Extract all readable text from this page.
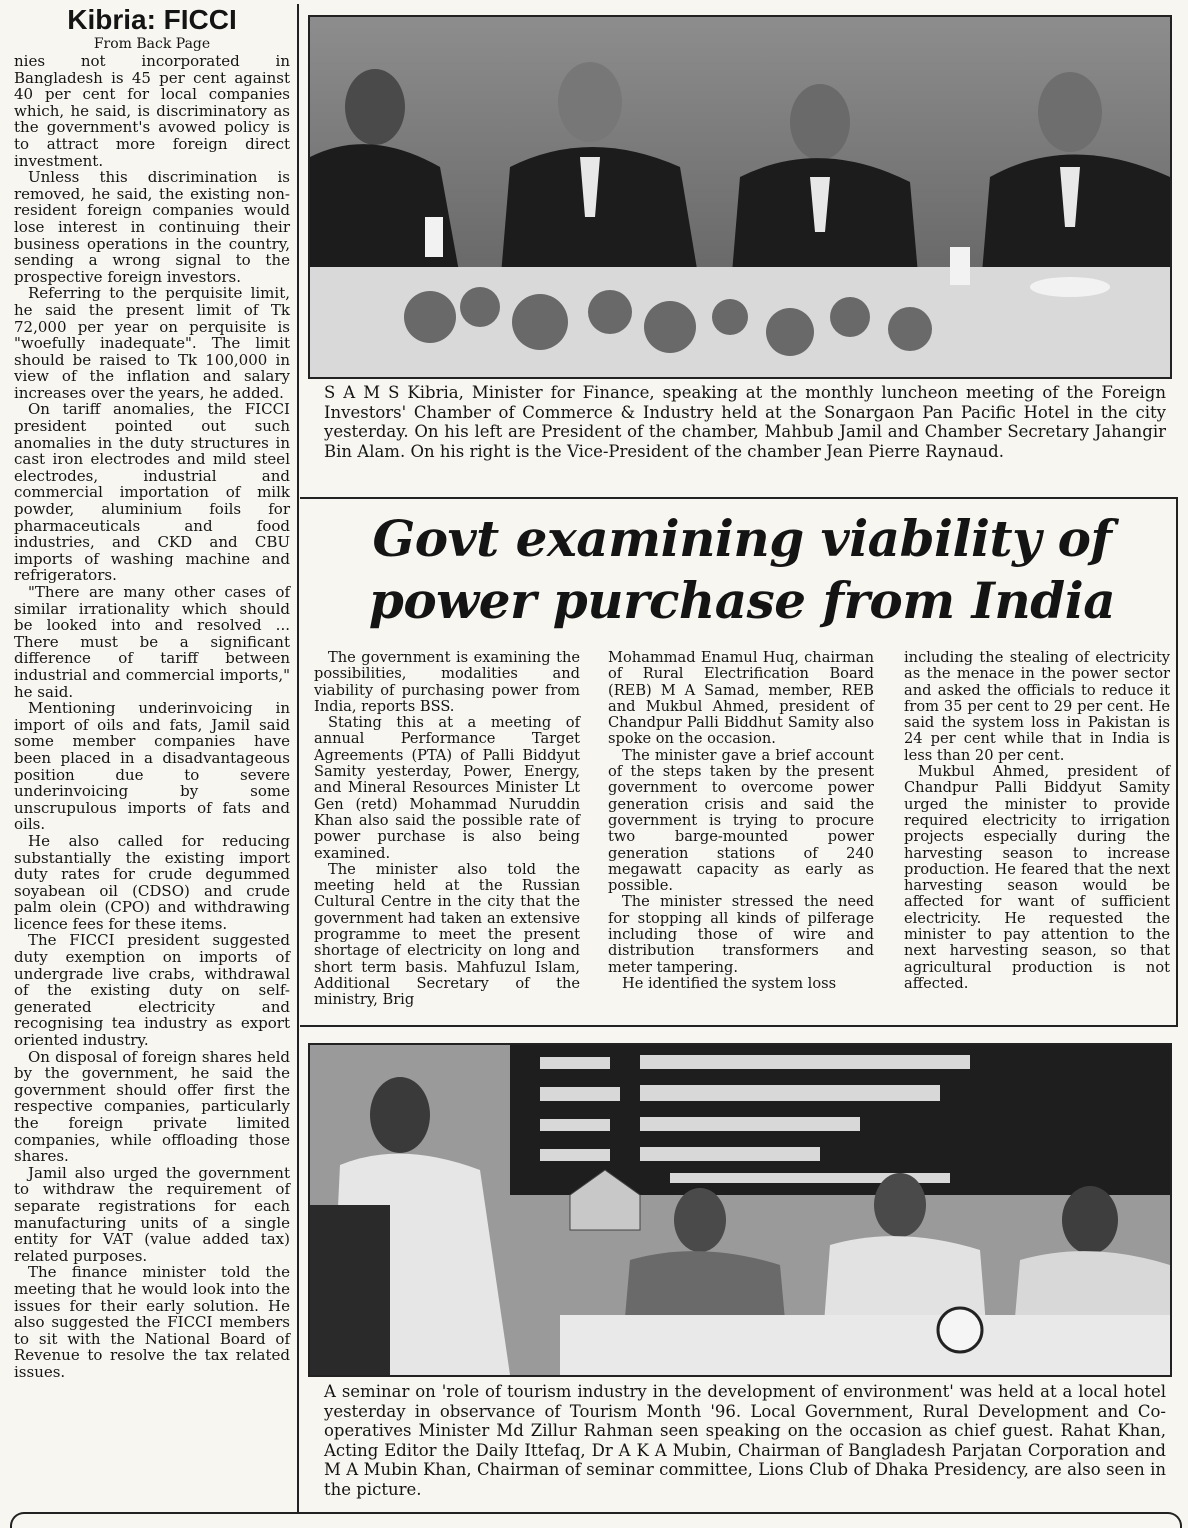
Kibria: FICCI
From Back Page

nies not incorporated in Bangladesh is 45 per cent against 40 per cent for local companies which, he said, is discriminatory as the government's avowed policy is to attract more foreign direct investment.

Unless this discrimination is removed, he said, the existing non-resident foreign companies would lose interest in continuing their business operations in the country, sending a wrong signal to the prospective foreign investors.

Referring to the perquisite limit, he said the present limit of Tk 72,000 per year on perquisite is "woefully inadequate". The limit should be raised to Tk 100,000 in view of the inflation and salary increases over the years, he added.

On tariff anomalies, the FICCI president pointed out such anomalies in the duty structures in cast iron electrodes and mild steel electrodes, industrial and commercial importation of milk powder, aluminium foils for pharmaceuticals and food industries, and CKD and CBU imports of washing machine and refrigerators.

"There are many other cases of similar irrationality which should be looked into and resolved ... There must be a significant difference of tariff between industrial and commercial imports," he said.

Mentioning underinvoicing in import of oils and fats, Jamil said some member companies have been placed in a disadvantageous position due to severe underinvoicing by some unscrupulous imports of fats and oils.

He also called for reducing substantially the existing import duty rates for crude degummed soyabean oil (CDSO) and crude palm olein (CPO) and withdrawing licence fees for these items.

The FICCI president suggested duty exemption on imports of undergrade live crabs, withdrawal of the existing duty on self-generated electricity and recognising tea industry as export oriented industry.

On disposal of foreign shares held by the government, he said the government should offer first the respective companies, particularly the foreign private limited companies, while offloading those shares.

Jamil also urged the government to withdraw the requirement of separate registrations for each manufacturing units of a single entity for VAT (value added tax) related purposes.

The finance minister told the meeting that he would look into the issues for their early solution. He also suggested the FICCI members to sit with the National Board of Revenue to resolve the tax related issues.

S A M S Kibria, Minister for Finance, speaking at the monthly luncheon meeting of the Foreign Investors' Chamber of Commerce & Industry held at the Sonargaon Pan Pacific Hotel in the city yesterday. On his left are President of the chamber, Mahbub Jamil and Chamber Secretary Jahangir Bin Alam. On his right is the Vice-President of the chamber Jean Pierre Raynaud.
Govt examining viability of
power purchase from India

The government is examining the possibilities, modalities and viability of purchasing power from India, reports BSS.

Stating this at a meeting of annual Performance Target Agreements (PTA) of Palli Biddyut Samity yesterday, Power, Energy, and Mineral Resources Minister Lt Gen (retd) Mohammad Nuruddin Khan also said the possible rate of power purchase is also being examined.

The minister also told the meeting held at the Russian Cultural Centre in the city that the government had taken an extensive programme to meet the present shortage of electricity on long and short term basis. Mahfuzul Islam, Additional Secretary of the ministry, Brig

Mohammad Enamul Huq, chairman of Rural Electrification Board (REB) M A Samad, member, REB and Mukbul Ahmed, president of Chandpur Palli Biddhut Samity also spoke on the occasion.

The minister gave a brief account of the steps taken by the present government to overcome power generation crisis and said the government is trying to procure two barge-mounted power generation stations of 240 megawatt capacity as early as possible.

The minister stressed the need for stopping all kinds of pilferage including those of wire and distribution transformers and meter tampering.

He identified the system loss

including the stealing of electricity as the menace in the power sector and asked the officials to reduce it from 35 per cent to 29 per cent. He said the system loss in Pakistan is 24 per cent while that in India is less than 20 per cent.

Mukbul Ahmed, president of Chandpur Palli Biddyut Samity urged the minister to provide required electricity to irrigation projects especially during the harvesting season to increase production. He feared that the next harvesting season would be affected for want of sufficient electricity. He requested the minister to pay attention to the next harvesting season, so that agricultural production is not affected.

A seminar on 'role of tourism industry in the development of environment' was held at a local hotel yesterday in observance of Tourism Month '96. Local Government, Rural Development and Co-operatives Minister Md Zillur Rahman seen speaking on the occasion as chief guest. Rahat Khan, Acting Editor the Daily Ittefaq, Dr A K A Mubin, Chairman of Bangladesh Parjatan Corporation and M A Mubin Khan, Chairman of seminar committee, Lions Club of Dhaka Presidency, are also seen in the picture.
